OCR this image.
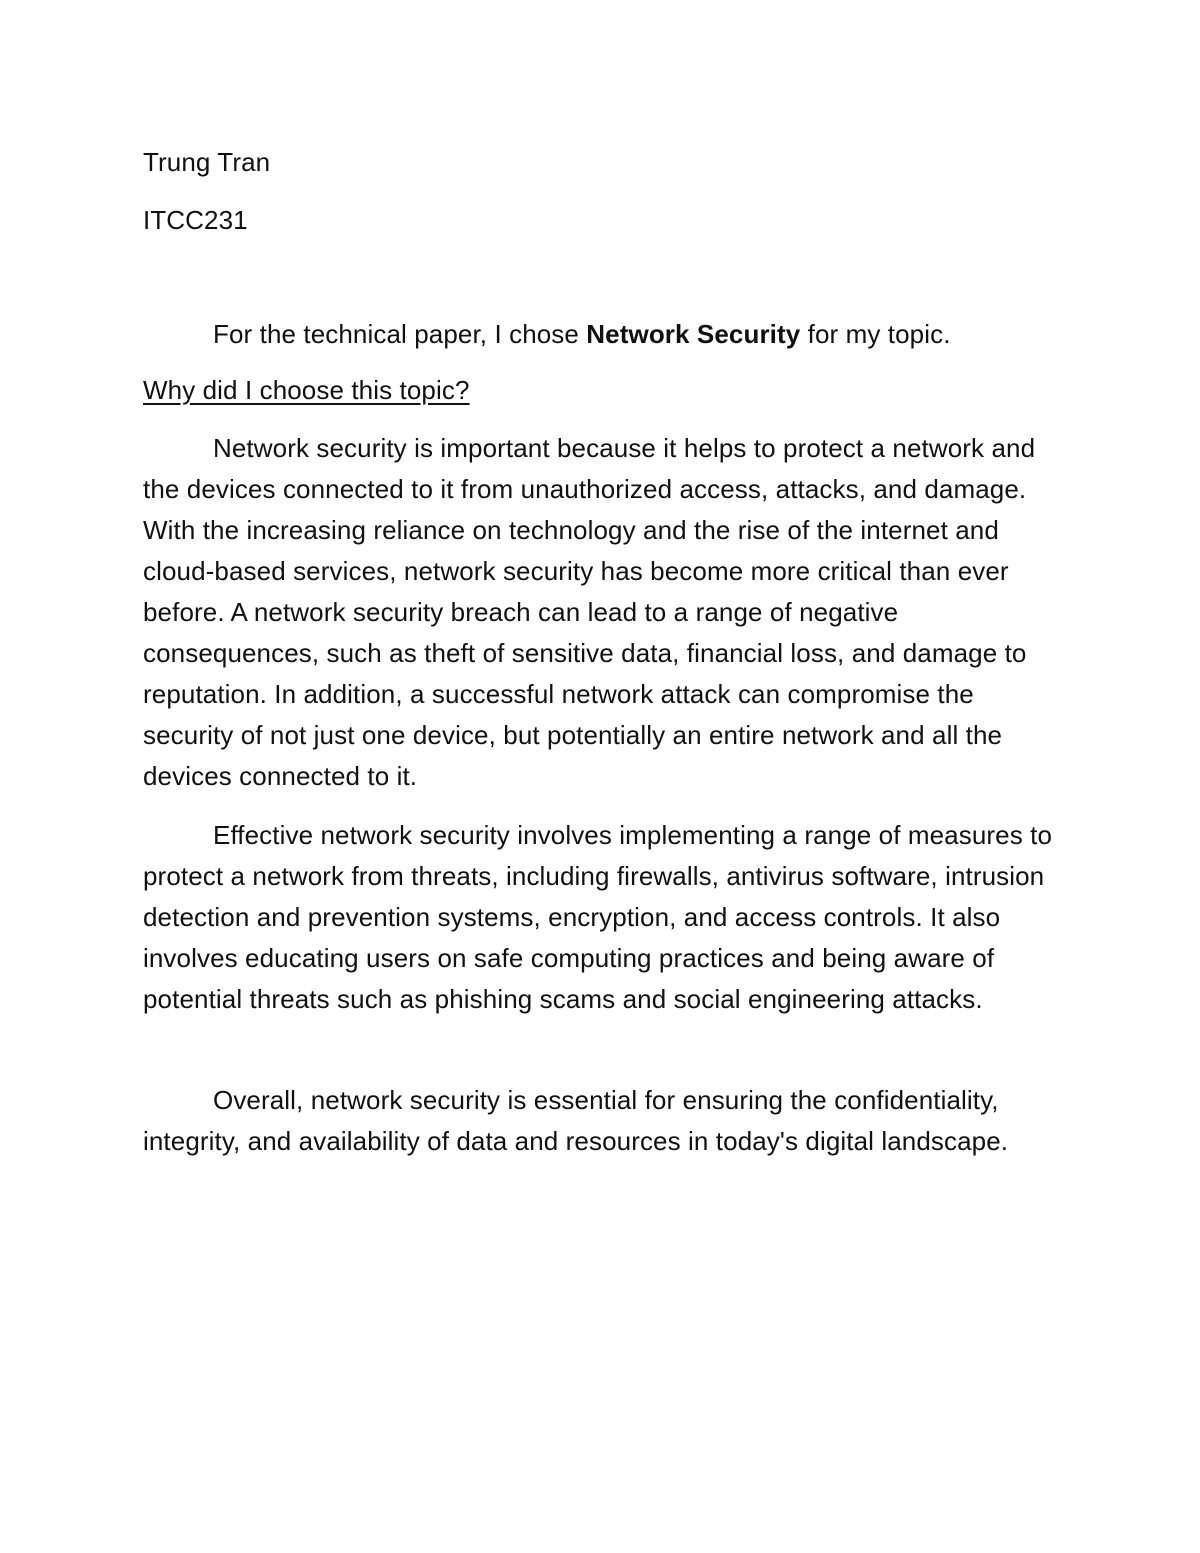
Trung Tran

ITCC231

For the technical paper, I chose Network Security for my topic.

Why did I choose this topic?

Network security is important because it helps to protect a network and the devices connected to it from unauthorized access, attacks, and damage. With the increasing reliance on technology and the rise of the internet and cloud-based services, network security has become more critical than ever before. A network security breach can lead to a range of negative consequences, such as theft of sensitive data, financial loss, and damage to reputation. In addition, a successful network attack can compromise the security of not just one device, but potentially an entire network and all the devices connected to it.

Effective network security involves implementing a range of measures to protect a network from threats, including firewalls, antivirus software, intrusion detection and prevention systems, encryption, and access controls. It also involves educating users on safe computing practices and being aware of potential threats such as phishing scams and social engineering attacks.

Overall, network security is essential for ensuring the confidentiality, integrity, and availability of data and resources in today's digital landscape.
